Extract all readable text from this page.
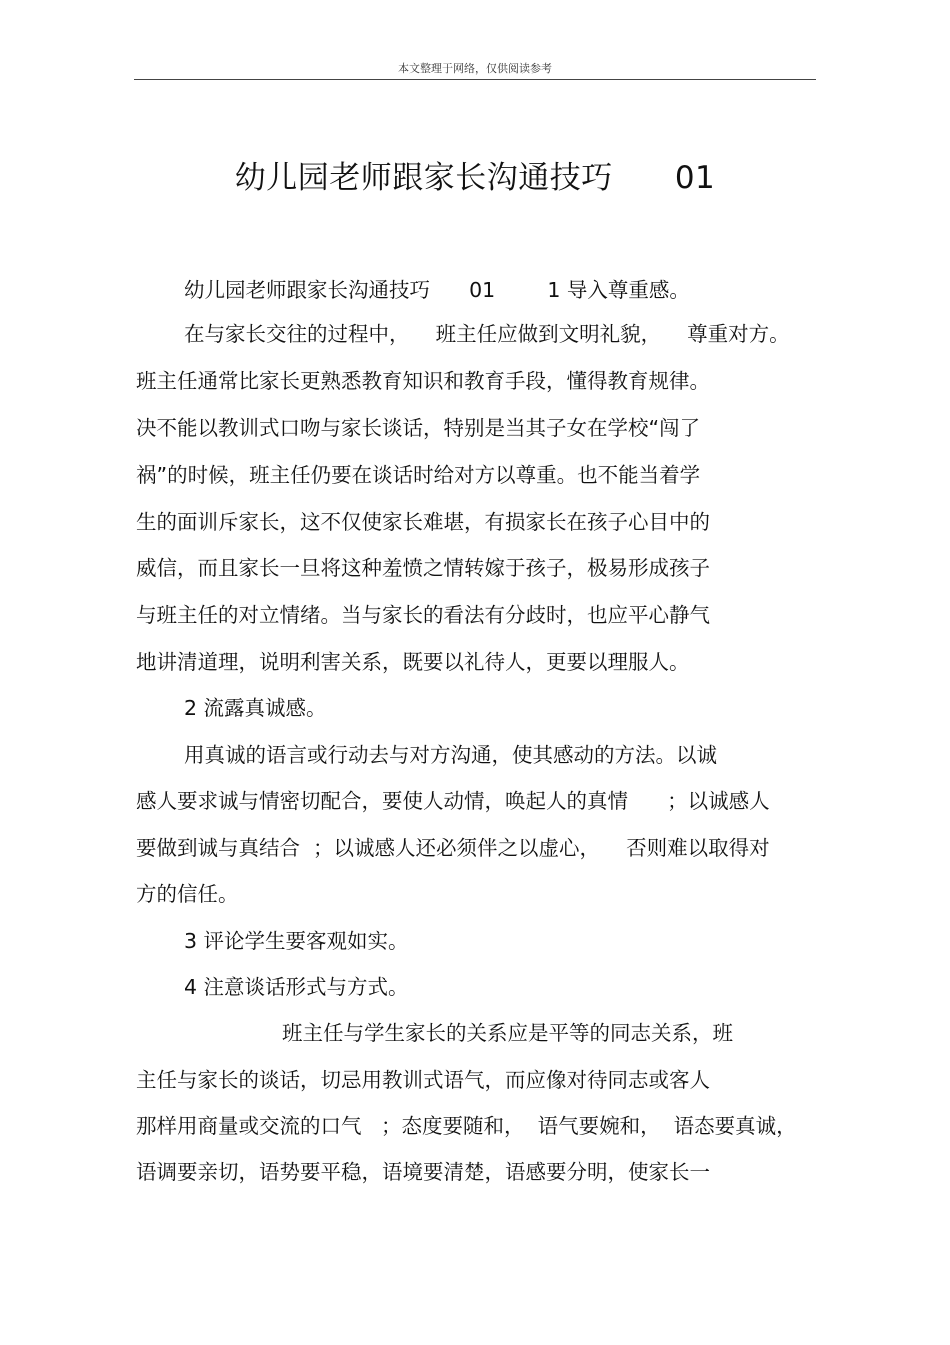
本文整理于网络，仅供阅读参考
幼儿园老师跟家长沟通技巧      01
幼儿园老师跟家长沟通技巧      01        1 导入尊重感。
在与家长交往的过程中，    班主任应做到文明礼貌，    尊重对方。
班主任通常比家长更熟悉教育知识和教育手段，懂得教育规律。
决不能以教训式口吻与家长谈话，特别是当其子女在学校“闯了
祸”的时候，班主任仍要在谈话时给对方以尊重。也不能当着学
生的面训斥家长，这不仅使家长难堪，有损家长在孩子心目中的
威信，而且家长一旦将这种羞愤之情转嫁于孩子，极易形成孩子
与班主任的对立情绪。当与家长的看法有分歧时，也应平心静气
地讲清道理，说明利害关系，既要以礼待人，更要以理服人。
2 流露真诚感。
用真诚的语言或行动去与对方沟通，使其感动的方法。以诚
感人要求诚与情密切配合，要使人动情，唤起人的真情      ；以诚感人
要做到诚与真结合  ；以诚感人还必须伴之以虚心，    否则难以取得对
方的信任。
3 评论学生要客观如实。
4 注意谈话形式与方式。
班主任与学生家长的关系应是平等的同志关系，班
主任与家长的谈话，切忌用教训式语气，而应像对待同志或客人
那样用商量或交流的口气   ；态度要随和，  语气要婉和，  语态要真诚，
语调要亲切，语势要平稳，语境要清楚，语感要分明，使家长一
